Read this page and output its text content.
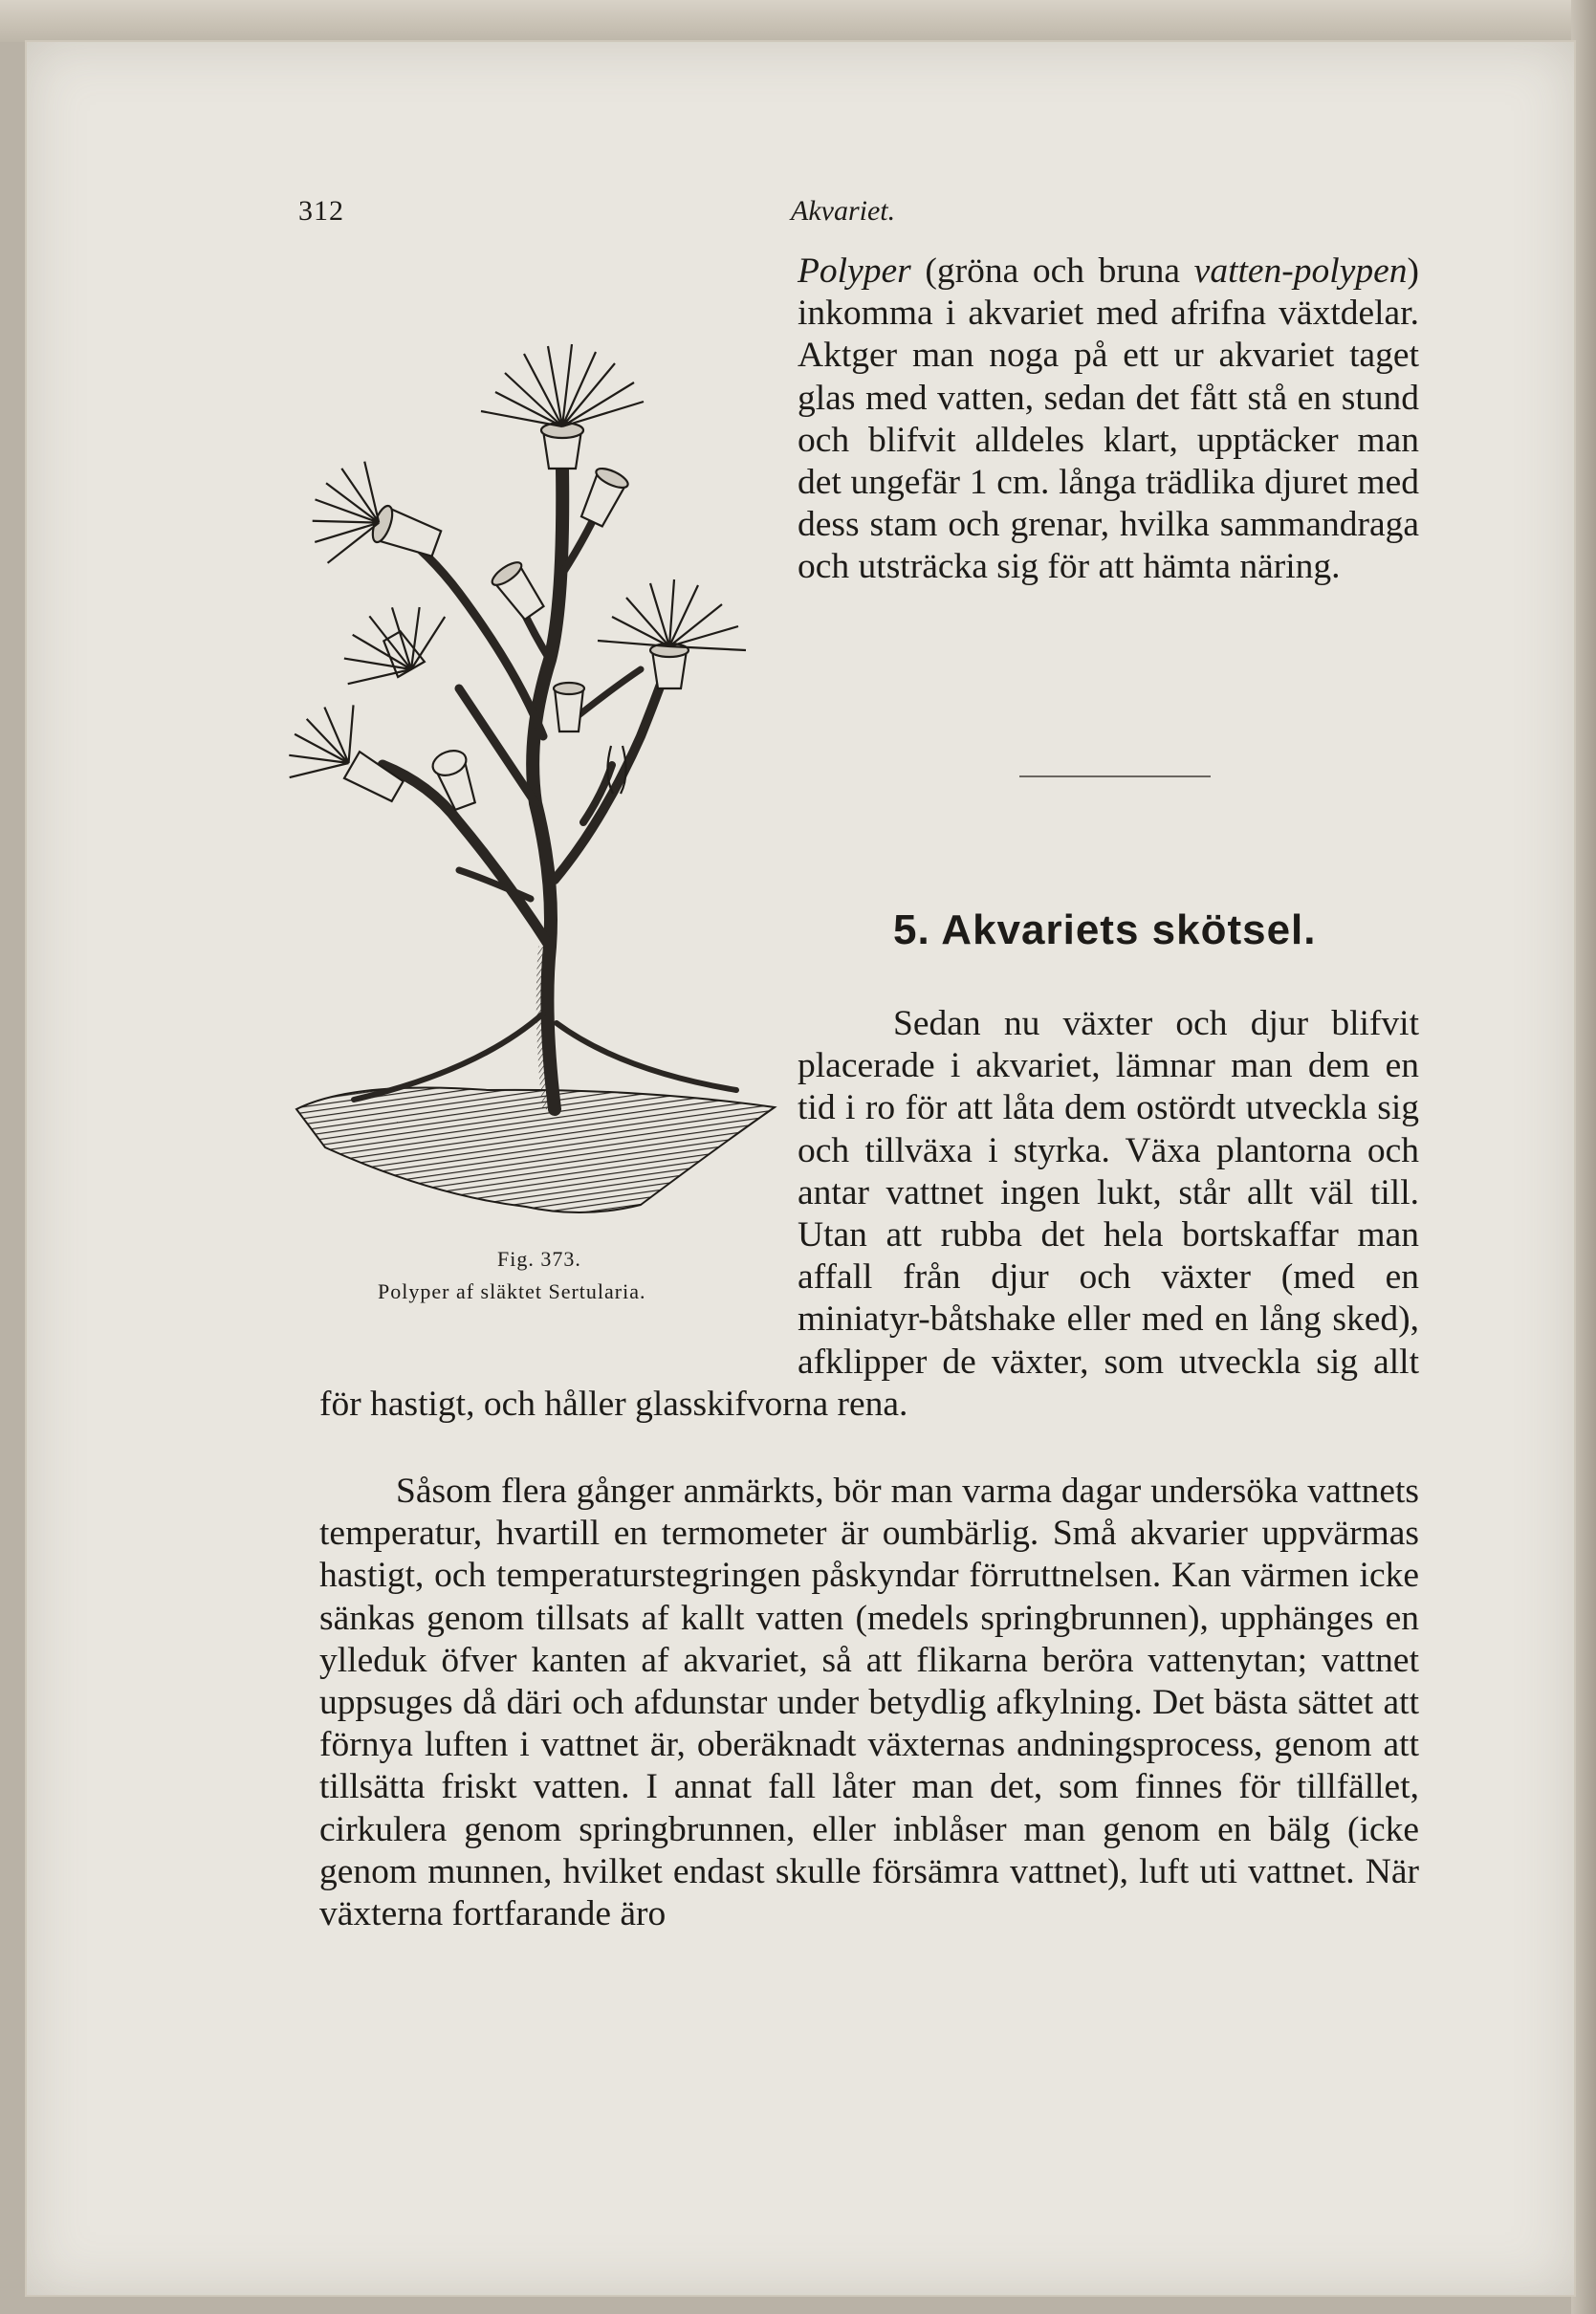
312	Akvariet.

Polyper (gröna och bruna vatten-polypen) inkomma i akvariet med afrifna växtdelar. Aktger man noga på ett ur akvariet taget glas med vatten, sedan det fått stå en stund och blifvit alldeles klart, upptäcker man det ungefär 1 cm. långa trädlika djuret med dess stam och grenar, hvilka sammandraga och utsträcka sig för att hämta näring.

5. Akvariets skötsel.

Sedan nu växter och djur blifvit placerade i akvariet, lämnar man dem en tid i ro för att låta dem ostördt utveckla sig och tillväxa i styrka. Växa plantorna och antar vattnet ingen lukt, står allt väl till. Utan att rubba det hela bortskaffar man affall från djur och växter (med en miniatyr-båtshake eller med en lång sked), afklipper de växter, som utveckla sig allt för hastigt, och håller glasskifvorna rena.

Såsom flera gånger anmärkts, bör man varma dagar undersöka vattnets temperatur, hvartill en termometer är oumbärlig. Små akvarier uppvärmas hastigt, och temperaturstegringen påskyndar förruttnelsen. Kan värmen icke sänkas genom tillsats af kallt vatten (medels springbrunnen), upphänges en ylleduk öfver kanten af akvariet, så att flikarna beröra vattenytan; vattnet uppsuges då däri och afdunstar under betydlig afkylning. Det bästa sättet att förnya luften i vattnet är, oberäknadt växternas andningsprocess, genom att tillsätta friskt vatten. I annat fall låter man det, som finnes för tillfället, cirkulera genom springbrunnen, eller inblåser man genom en bälg (icke genom munnen, hvilket endast skulle försämra vattnet), luft uti vattnet. När växterna fortfarande äro

Fig. 373.
Polyper af släktet Sertularia.
